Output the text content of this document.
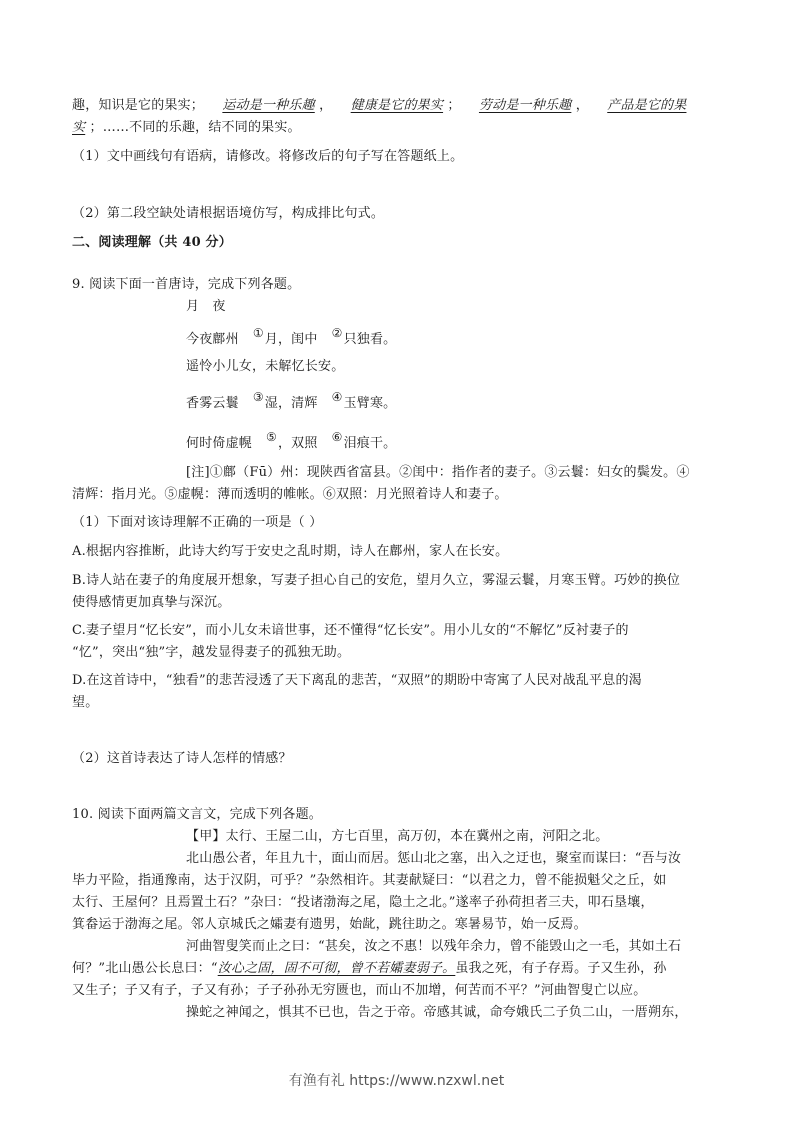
趣，知识是它的果实； 运动是一种乐趣 ， 健康是它的果实 ； 劳动是一种乐趣 ， 产品是它的果
实 ；……不同的乐趣，结不同的果实。
（1）文中画线句有语病，请修改。将修改后的句子写在答题纸上。
（2）第二段空缺处请根据语境仿写，构成排比句式。
二、阅读理解（共 40 分）
9. 阅读下面一首唐诗，完成下列各题。
月　夜
今夜鄜州 ①月，闺中 ②只独看。
遥怜小儿女，未解忆长安。
香雾云鬟 ③湿，清辉 ④玉臂寒。
何时倚虚幌 ⑤，双照 ⑥泪痕干。
[注]①鄜（Fū）州：现陕西省富县。②闺中：指作者的妻子。③云鬟：妇女的鬓发。④
清辉：指月光。⑤虚幌：薄而透明的帷帐。⑥双照：月光照着诗人和妻子。
（1）下面对该诗理解不正确的一项是（ ）
A.根据内容推断，此诗大约写于安史之乱时期，诗人在鄜州，家人在长安。
B.诗人站在妻子的角度展开想象，写妻子担心自己的安危，望月久立，雾湿云鬟，月寒玉臂。巧妙的换位
使得感情更加真挚与深沉。
C.妻子望月“忆长安”，而小儿女未谙世事，还不懂得“忆长安”。用小儿女的“不解忆”反衬妻子的
“忆”，突出“独”字，越发显得妻子的孤独无助。
D.在这首诗中，“独看”的悲苦浸透了天下离乱的悲苦，“双照”的期盼中寄寓了人民对战乱平息的渴
望。
（2）这首诗表达了诗人怎样的情感？
10. 阅读下面两篇文言文，完成下列各题。
【甲】太行、王屋二山，方七百里，高万仞，本在冀州之南，河阳之北。
北山愚公者，年且九十，面山而居。惩山北之塞，出入之迂也，聚室而谋曰：“吾与汝
毕力平险，指通豫南，达于汉阴，可乎？”杂然相许。其妻献疑曰：“以君之力，曾不能损魁父之丘，如
太行、王屋何？且焉置土石？”杂曰：“投诸渤海之尾，隐土之北。”遂率子孙荷担者三夫，叩石垦壤，
箕畚运于渤海之尾。邻人京城氏之孀妻有遗男，始龀，跳往助之。寒暑易节，始一反焉。
河曲智叟笑而止之曰：“甚矣，汝之不惠！以残年余力，曾不能毁山之一毛，其如土石
何？”北山愚公长息曰：“汝心之固，固不可彻，曾不若孀妻弱子。虽我之死，有子存焉。子又生孙，孙
又生子；子又有子，子又有孙；子子孙孙无穷匮也，而山不加增，何苦而不平？”河曲智叟亡以应。
操蛇之神闻之，惧其不已也，告之于帝。帝感其诚，命夸娥氏二子负二山，一厝朔东，
有渔有礼 https://www.nzxwl.net
